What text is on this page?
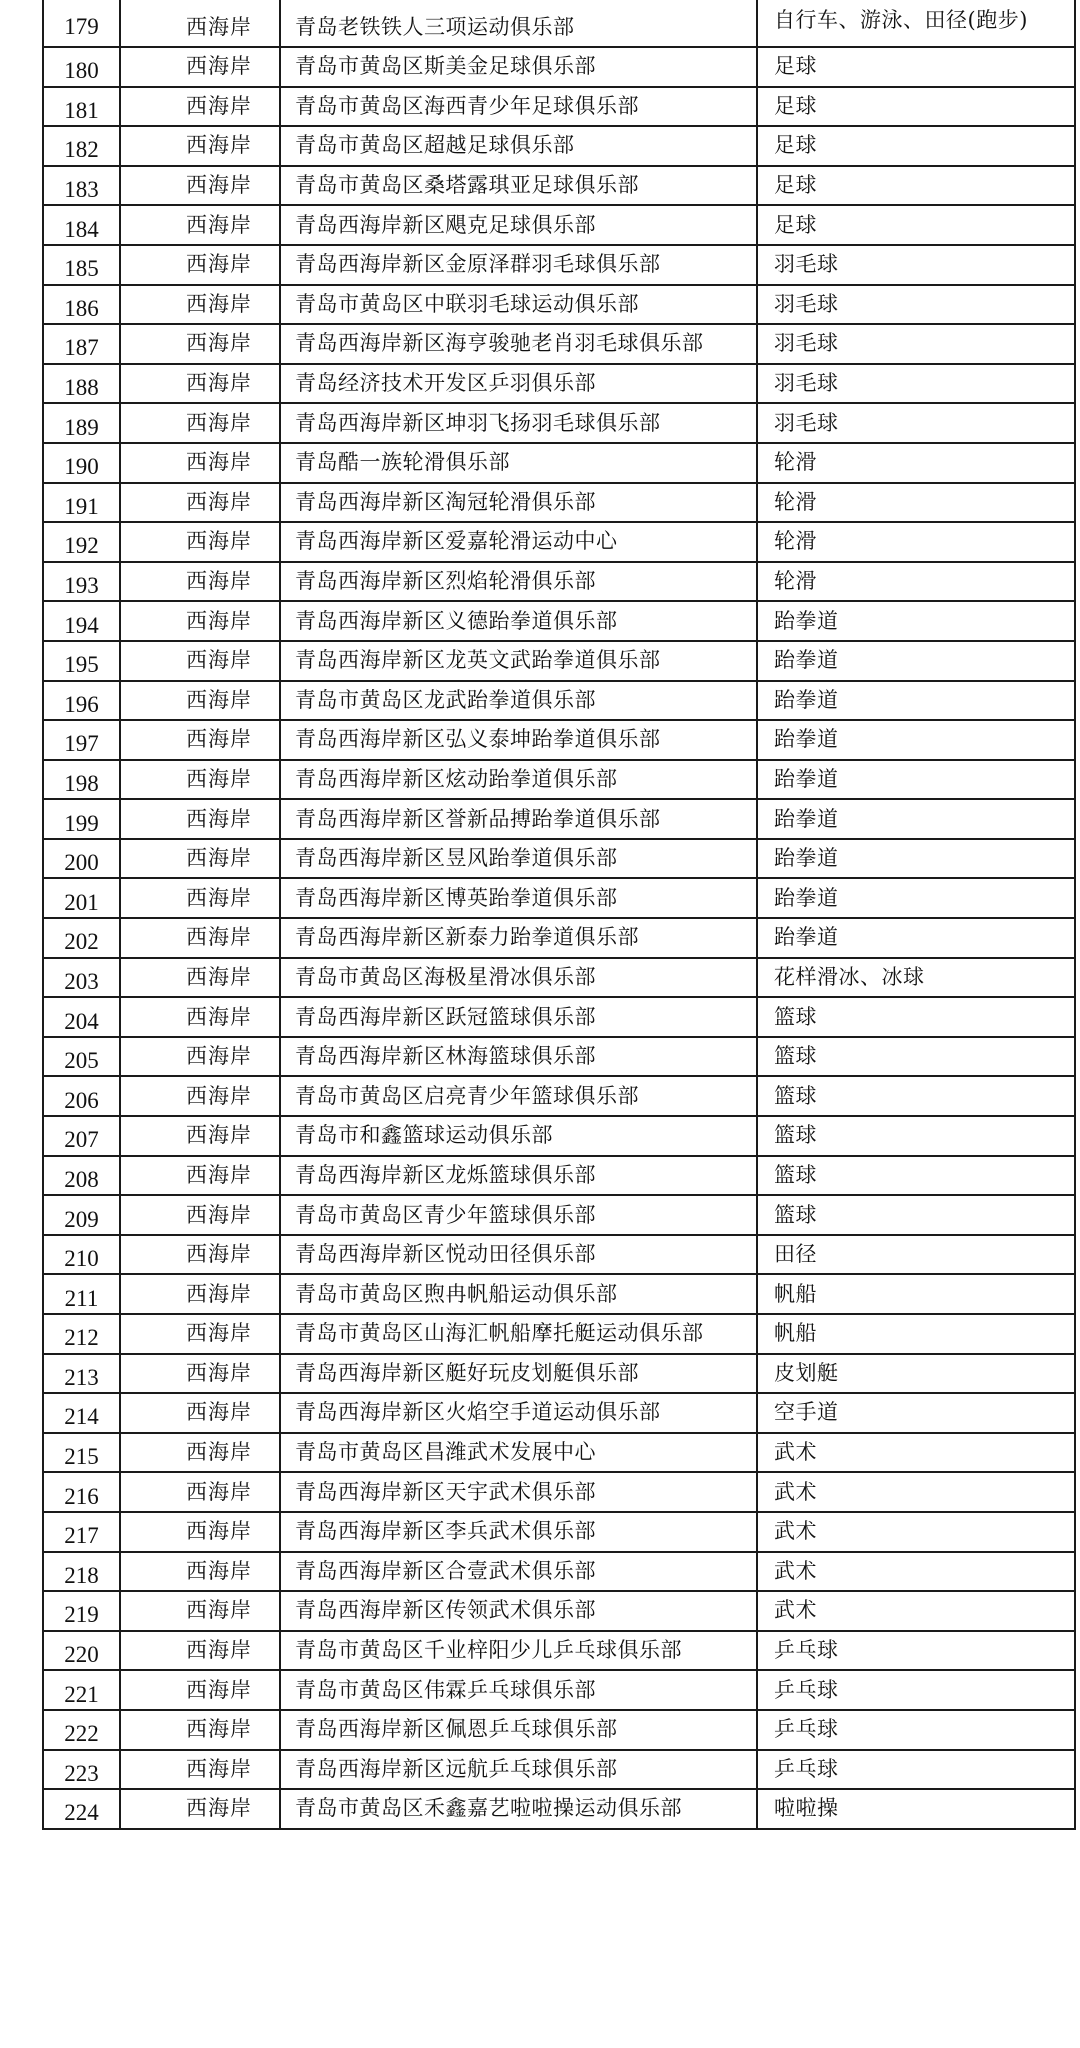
179	西海岸	青岛老铁铁人三项运动俱乐部	自行车、游泳、田径(跑步)
180	西海岸	青岛市黄岛区斯美金足球俱乐部	足球
181	西海岸	青岛市黄岛区海西青少年足球俱乐部	足球
182	西海岸	青岛市黄岛区超越足球俱乐部	足球
183	西海岸	青岛市黄岛区桑塔露琪亚足球俱乐部	足球
184	西海岸	青岛西海岸新区飓克足球俱乐部	足球
185	西海岸	青岛西海岸新区金原泽群羽毛球俱乐部	羽毛球
186	西海岸	青岛市黄岛区中联羽毛球运动俱乐部	羽毛球
187	西海岸	青岛西海岸新区海亨骏驰老肖羽毛球俱乐部	羽毛球
188	西海岸	青岛经济技术开发区乒羽俱乐部	羽毛球
189	西海岸	青岛西海岸新区坤羽飞扬羽毛球俱乐部	羽毛球
190	西海岸	青岛酷一族轮滑俱乐部	轮滑
191	西海岸	青岛西海岸新区淘冠轮滑俱乐部	轮滑
192	西海岸	青岛西海岸新区爱嘉轮滑运动中心	轮滑
193	西海岸	青岛西海岸新区烈焰轮滑俱乐部	轮滑
194	西海岸	青岛西海岸新区义德跆拳道俱乐部	跆拳道
195	西海岸	青岛西海岸新区龙英文武跆拳道俱乐部	跆拳道
196	西海岸	青岛市黄岛区龙武跆拳道俱乐部	跆拳道
197	西海岸	青岛西海岸新区弘义泰坤跆拳道俱乐部	跆拳道
198	西海岸	青岛西海岸新区炫动跆拳道俱乐部	跆拳道
199	西海岸	青岛西海岸新区誉新品搏跆拳道俱乐部	跆拳道
200	西海岸	青岛西海岸新区昱风跆拳道俱乐部	跆拳道
201	西海岸	青岛西海岸新区博英跆拳道俱乐部	跆拳道
202	西海岸	青岛西海岸新区新泰力跆拳道俱乐部	跆拳道
203	西海岸	青岛市黄岛区海极星滑冰俱乐部	花样滑冰、冰球
204	西海岸	青岛西海岸新区跃冠篮球俱乐部	篮球
205	西海岸	青岛西海岸新区林海篮球俱乐部	篮球
206	西海岸	青岛市黄岛区启亮青少年篮球俱乐部	篮球
207	西海岸	青岛市和鑫篮球运动俱乐部	篮球
208	西海岸	青岛西海岸新区龙烁篮球俱乐部	篮球
209	西海岸	青岛市黄岛区青少年篮球俱乐部	篮球
210	西海岸	青岛西海岸新区悦动田径俱乐部	田径
211	西海岸	青岛市黄岛区煦冉帆船运动俱乐部	帆船
212	西海岸	青岛市黄岛区山海汇帆船摩托艇运动俱乐部	帆船
213	西海岸	青岛西海岸新区艇好玩皮划艇俱乐部	皮划艇
214	西海岸	青岛西海岸新区火焰空手道运动俱乐部	空手道
215	西海岸	青岛市黄岛区昌潍武术发展中心	武术
216	西海岸	青岛西海岸新区天宇武术俱乐部	武术
217	西海岸	青岛西海岸新区李兵武术俱乐部	武术
218	西海岸	青岛西海岸新区合壹武术俱乐部	武术
219	西海岸	青岛西海岸新区传领武术俱乐部	武术
220	西海岸	青岛市黄岛区千业梓阳少儿乒乓球俱乐部	乒乓球
221	西海岸	青岛市黄岛区伟霖乒乓球俱乐部	乒乓球
222	西海岸	青岛西海岸新区佩恩乒乓球俱乐部	乒乓球
223	西海岸	青岛西海岸新区远航乒乓球俱乐部	乒乓球
224	西海岸	青岛市黄岛区禾鑫嘉艺啦啦操运动俱乐部	啦啦操
